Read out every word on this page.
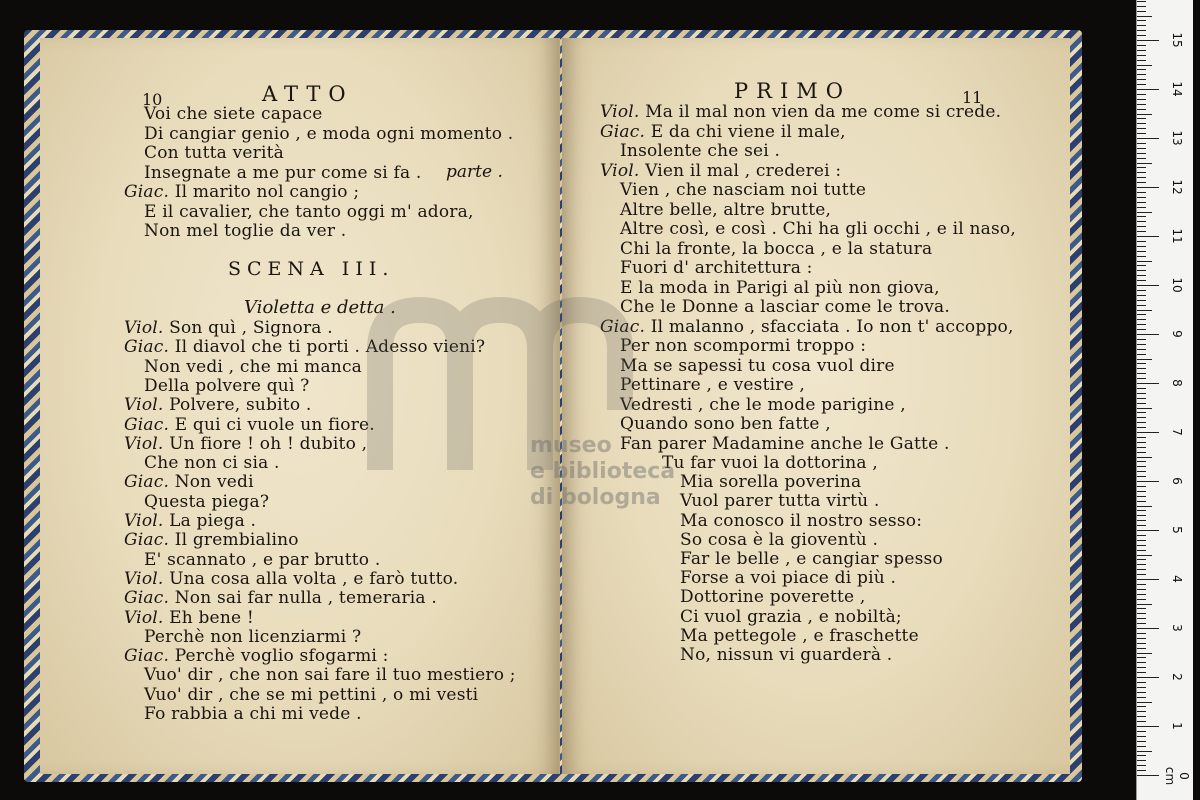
10	ATTO
Voi che siete capace
Di cangiar genio , e moda ogni momento .
Con tutta verità
Insegnate a me pur come si fa .
Giac. Il marito nol cangio ;
E il cavalier, che tanto oggi m' adora,
Non mel toglie da ver .
parte .
SCENA III.
Violetta e detta .
Viol. Son quì , Signora .
Giac. Il diavol che ti porti . Adesso vieni?
Non vedi , che mi manca
Della polvere quì ?
Viol. Polvere, subito .
Giac. E qui ci vuole un fiore.
Viol. Un fiore ! oh ! dubito ,
Che non ci sia .
Giac. Non vedi
Questa piega?
Viol. La piega .
Giac. Il grembialino
E' scannato , e par brutto .
Viol. Una cosa alla volta , e farò tutto.
Giac. Non sai far nulla , temeraria .
Viol. Eh bene !
Perchè non licenziarmi ?
Giac. Perchè voglio sfogarmi :
Vuo' dir , che non sai fare il tuo mestiero ;
Vuo' dir , che se mi pettini , o mi vesti
Fo rabbia a chi mi vede .
PRIMO	11
Viol. Ma il mal non vien da me come si crede.
Giac. E da chi viene il male,
Insolente che sei .
Viol. Vien il mal , crederei :
Vien , che nasciam noi tutte
Altre belle, altre brutte,
Altre così, e così . Chi ha gli occhi , e il naso,
Chi la fronte, la bocca , e la statura
Fuori d' architettura :
E la moda in Parigi al più non giova,
Che le Donne a lasciar come le trova.
Giac. Il malanno , sfacciata . Io non t' accoppo,
Per non scompormi troppo :
Ma se sapessi tu cosa vuol dire
Pettinare , e vestire ,
Vedresti , che le mode parigine ,
Quando sono ben fatte ,
Fan parer Madamine anche le Gatte .
Tu far vuoi la dottorina ,
Mia sorella poverina
Vuol parer tutta virtù .
Ma conosco il nostro sesso:
So cosa è la gioventù .
Far le belle , e cangiar spesso
Forse a voi piace di più .
Dottorine poverette ,
Ci vuol grazia , e nobiltà;
Ma pettegole , e fraschette
No, nissun vi guarderà .
museo
e biblioteca
di bologna
1
2
3
4
5
6
7
8
9
10
11
12
13
14
15
0 cm
